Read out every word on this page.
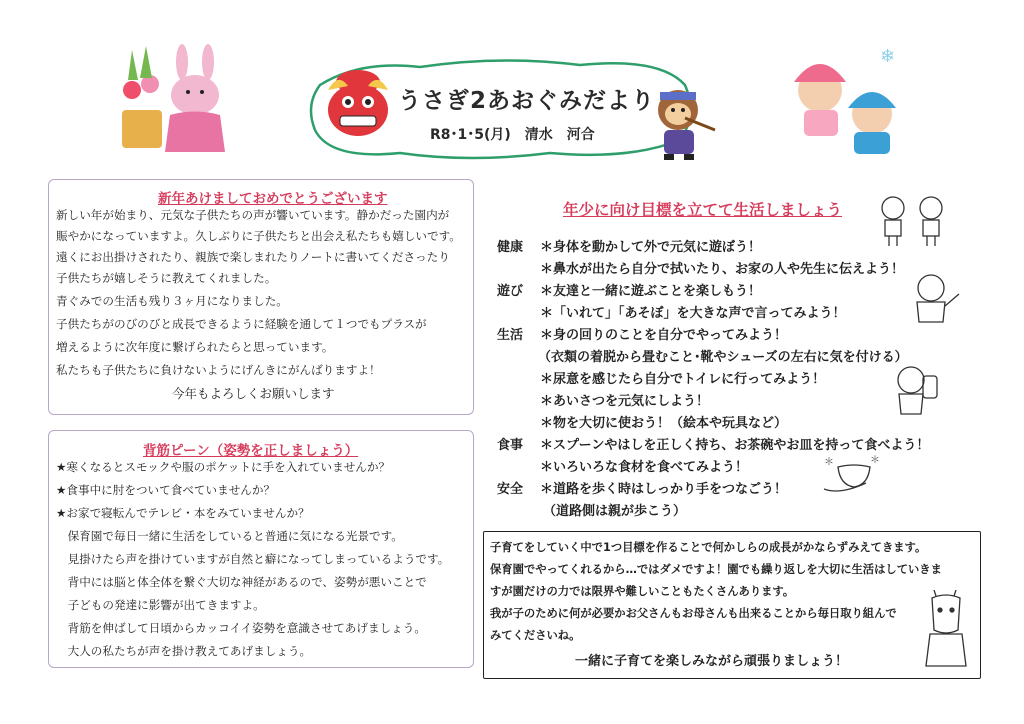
うさぎ2あおぐみだより
R8･1･5(月)　清水　河合
❄
新年あけましておめでとうございます
新しい年が始まり、元気な子供たちの声が響いています。静かだった園内が
賑やかになっていますよ。久しぶりに子供たちと出会え私たちも嬉しいです。
遠くにお出掛けされたり、親族で楽しまれたりノートに書いてくださったり
子供たちが嬉しそうに教えてくれました。
青ぐみでの生活も残り３ヶ月になりました。
子供たちがのびのびと成長できるように経験を通して１つでもプラスが
増えるように次年度に繋げられたらと思っています。
私たちも子供たちに負けないようにげんきにがんばりますよ！
今年もよろしくお願いします
背筋ピーン（姿勢を正しましょう）
★寒くなるとスモックや服のポケットに手を入れていませんか？
★食事中に肘をついて食べていませんか？
★お家で寝転んでテレビ・本をみていませんか？
　保育園で毎日一緒に生活をしていると普通に気になる光景です。
　見掛けたら声を掛けていますが自然と癖になってしまっているようです。
　背中には脳と体全体を繋ぐ大切な神経があるので、姿勢が悪いことで
　子どもの発達に影響が出てきますよ。
　背筋を伸ばして日頃からカッコイイ姿勢を意識させてあげましょう。
　大人の私たちが声を掛け教えてあげましょう。
年少に向け目標を立てて生活しましょう
健康 ＊身体を動かして外で元気に遊ぼう！
＊鼻水が出たら自分で拭いたり、お家の人や先生に伝えよう！
遊び ＊友達と一緒に遊ぶことを楽しもう！
＊「いれて」「あそぼ」を大きな声で言ってみよう！
生活 ＊身の回りのことを自分でやってみよう！
（衣類の着脱から畳むこと･靴やシューズの左右に気を付ける）
＊尿意を感じたら自分でトイレに行ってみよう！
＊あいさつを元気にしよう！
＊物を大切に使おう！（絵本や玩具など）
食事 ＊スプーンやはしを正しく持ち、お茶碗やお皿を持って食べよう！
＊いろいろな食材を食べてみよう！
安全 ＊道路を歩く時はしっかり手をつなごう！
（道路側は親が歩こう）
＊	＊
子育てをしていく中で1つ目標を作ることで何かしらの成長がかならずみえてきます。
保育園でやってくれるから…ではダメですよ！園でも繰り返しを大切に生活はしていきま
すが園だけの力では限界や難しいこともたくさんあります。
我が子のために何が必要かお父さんもお母さんも出来ることから毎日取り組んで
みてくださいね。
一緒に子育てを楽しみながら頑張りましょう！
